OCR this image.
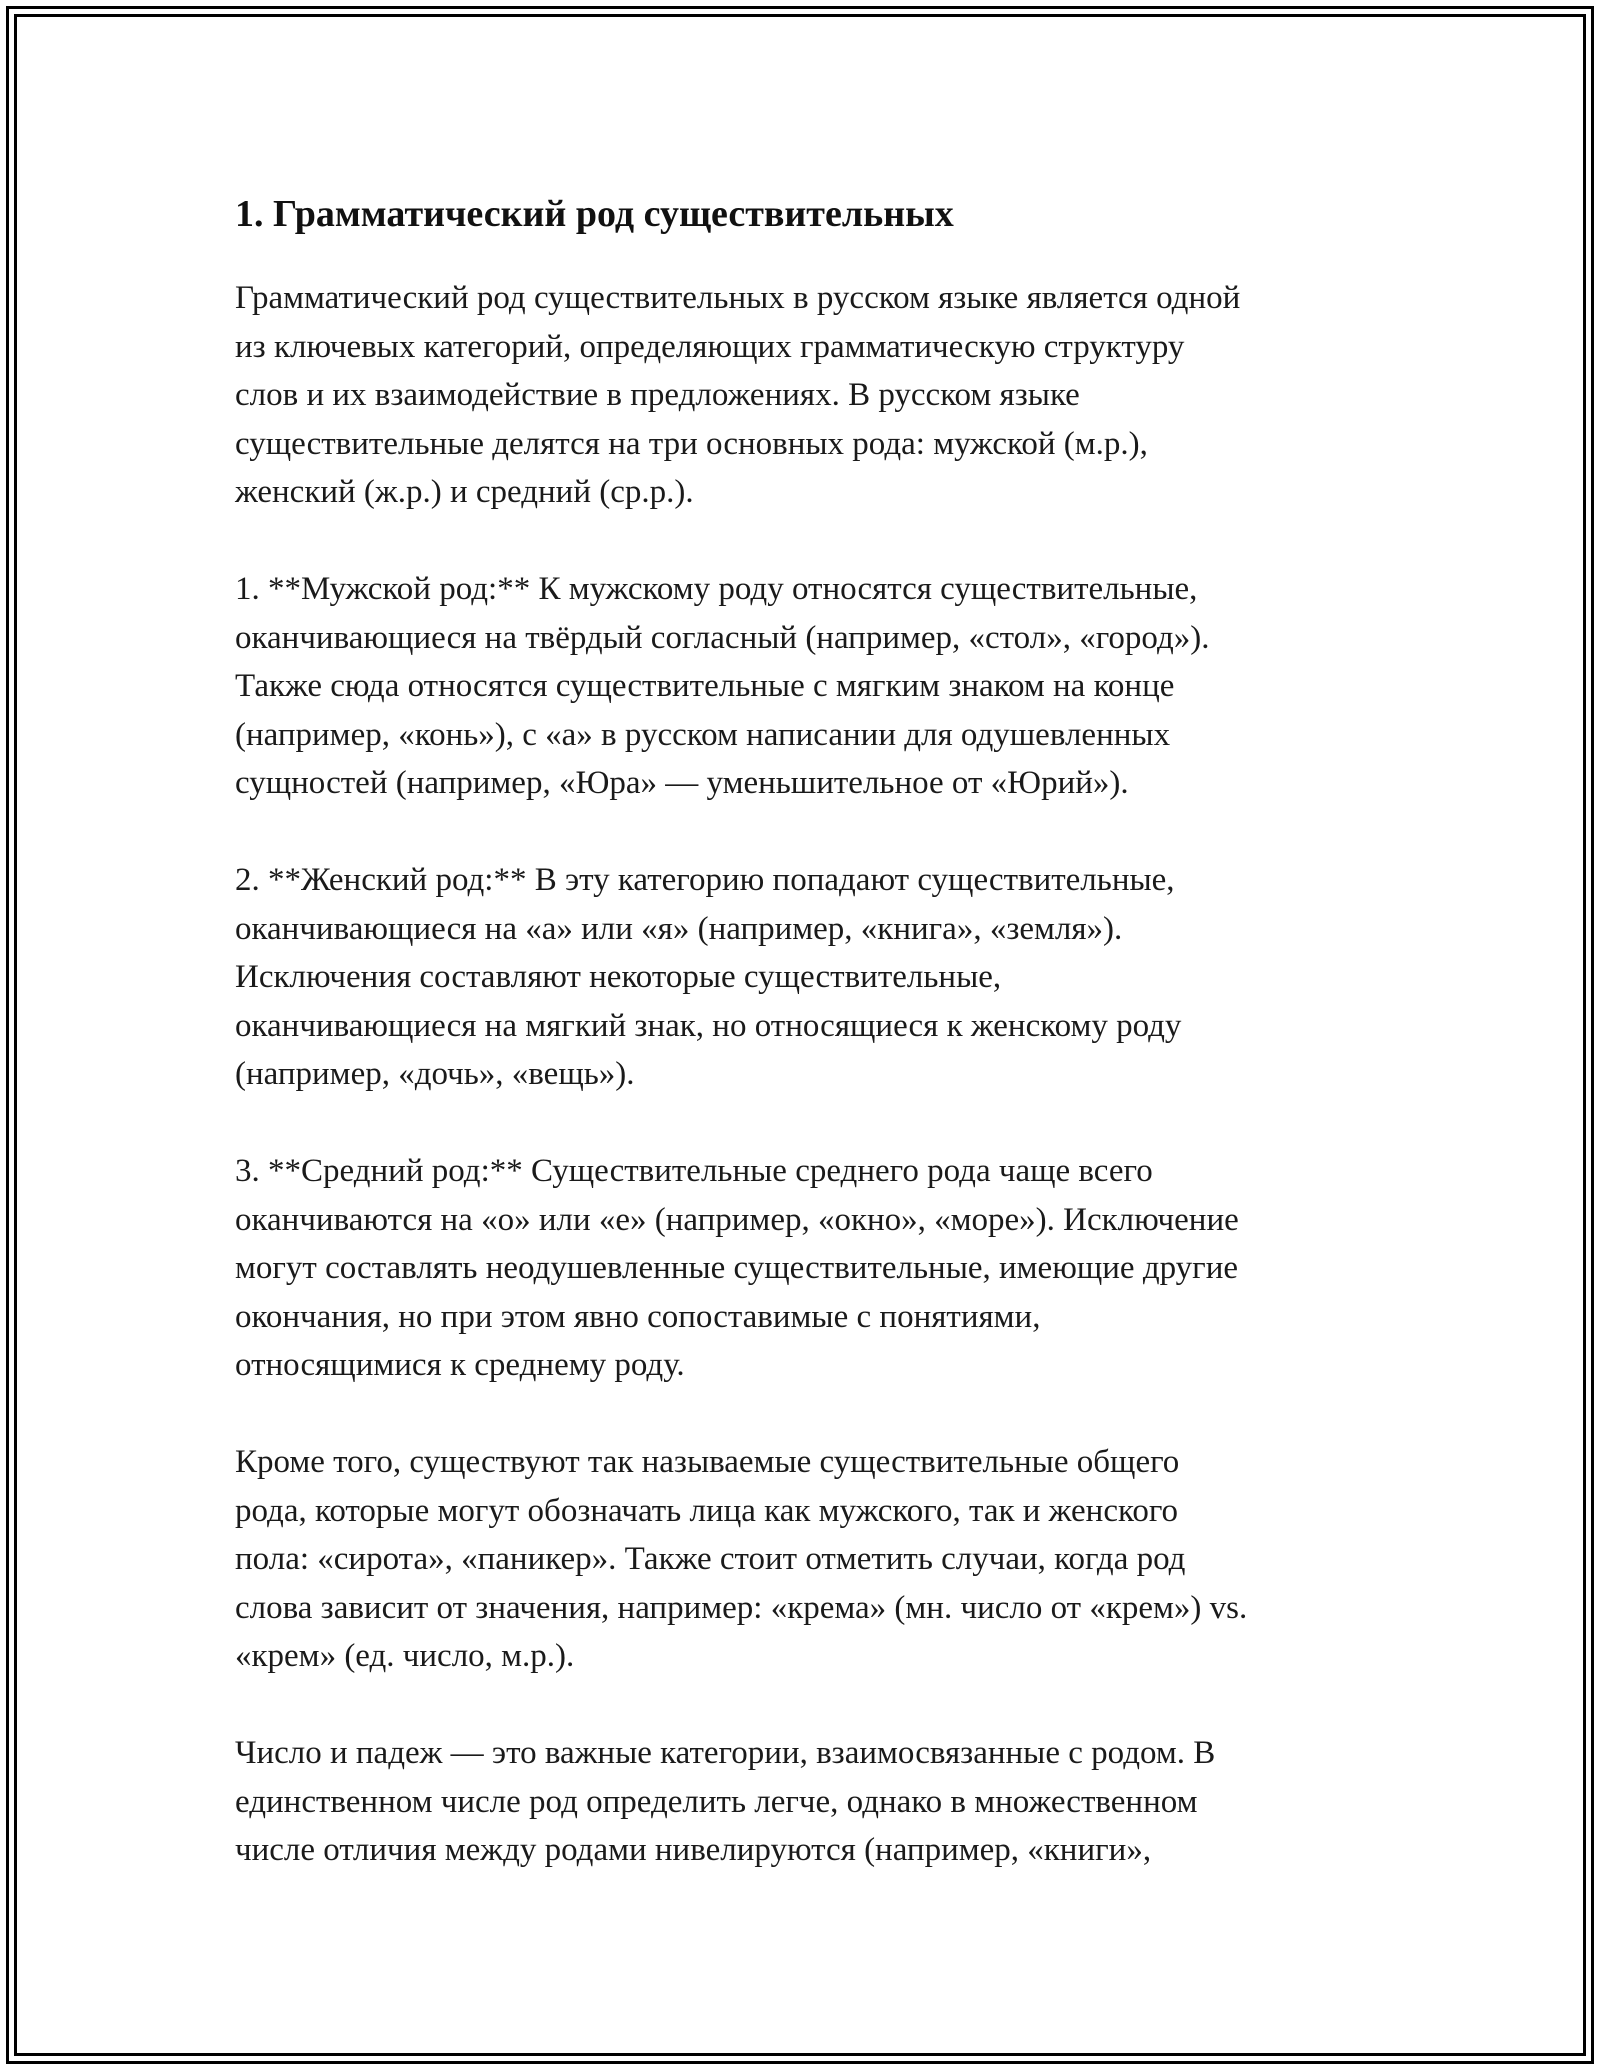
1. Грамматический род существительных

Грамматический род существительных в русском языке является одной
из ключевых категорий, определяющих грамматическую структуру
слов и их взаимодействие в предложениях. В русском языке
существительные делятся на три основных рода: мужской (м.р.),
женский (ж.р.) и средний (ср.р.).

1. **Мужской род:** К мужскому роду относятся существительные,
оканчивающиеся на твёрдый согласный (например, «стол», «город»).
Также сюда относятся существительные с мягким знаком на конце
(например, «конь»), с «а» в русском написании для одушевленных
сущностей (например, «Юра» — уменьшительное от «Юрий»).

2. **Женский род:** В эту категорию попадают существительные,
оканчивающиеся на «а» или «я» (например, «книга», «земля»).
Исключения составляют некоторые существительные,
оканчивающиеся на мягкий знак, но относящиеся к женскому роду
(например, «дочь», «вещь»).

3. **Средний род:** Существительные среднего рода чаще всего
оканчиваются на «о» или «е» (например, «окно», «море»). Исключение
могут составлять неодушевленные существительные, имеющие другие
окончания, но при этом явно сопоставимые с понятиями,
относящимися к среднему роду.

Кроме того, существуют так называемые существительные общего
рода, которые могут обозначать лица как мужского, так и женского
пола: «сирота», «паникер». Также стоит отметить случаи, когда род
слова зависит от значения, например: «крема» (мн. число от «крем») vs.
«крем» (ед. число, м.р.).

Число и падеж — это важные категории, взаимосвязанные с родом. В
единственном числе род определить легче, однако в множественном
числе отличия между родами нивелируются (например, «книги»,
